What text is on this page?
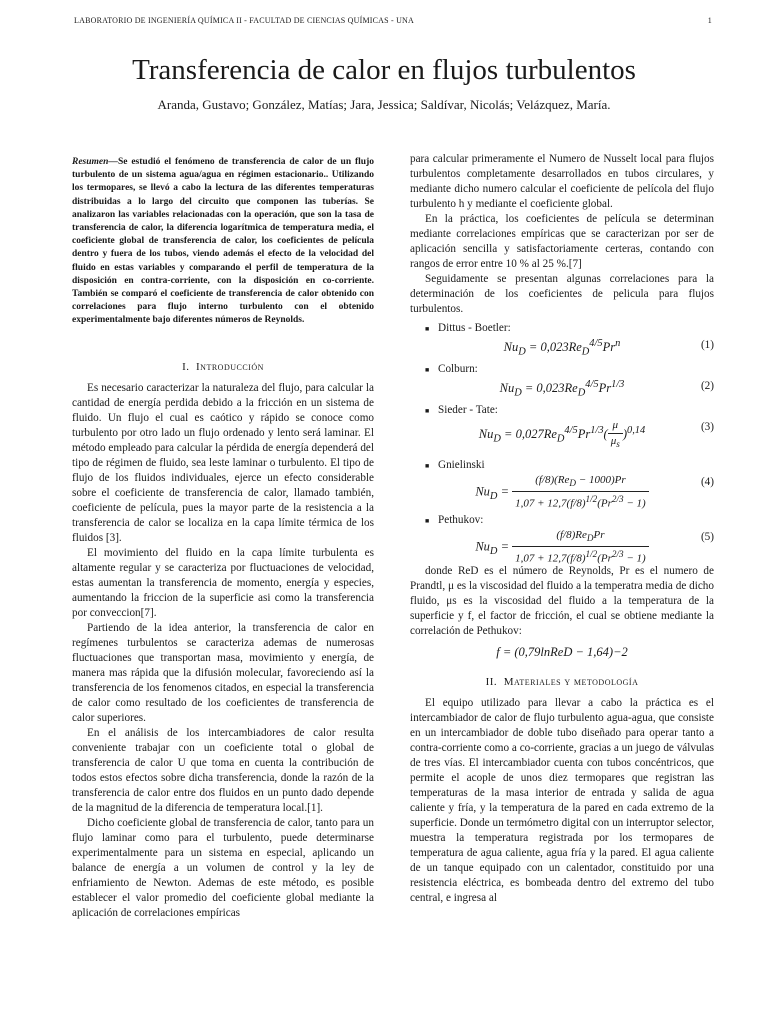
LABORATORIO DE INGENIERÍA QUÍMICA II - FACULTAD DE CIENCIAS QUÍMICAS - UNA	1
Transferencia de calor en flujos turbulentos
Aranda, Gustavo; González, Matías; Jara, Jessica; Saldívar, Nicolás; Velázquez, María.
Resumen—Se estudió el fenómeno de transferencia de calor de un flujo turbulento de un sistema agua/agua en régimen estacionario.. Utilizando los termopares, se llevó a cabo la lectura de las diferentes temperaturas distribuidas a lo largo del circuito que componen las tuberías. Se analizaron las variables relacionadas con la operación, que son la tasa de transferencia de calor, la diferencia logarítmica de temperatura media, el coeficiente global de transferencia de calor, los coeficientes de película dentro y fuera de los tubos, viendo además el efecto de la velocidad del fluido en estas variables y comparando el perfil de temperatura de la disposición en contra-corriente, con la disposición en co-corriente. También se comparó el coeficiente de transferencia de calor obtenido con correlaciones para flujo interno turbulento con el obtenido experimentalmente bajo diferentes números de Reynolds.
I. Introducción

Es necesario caracterizar la naturaleza del flujo, para calcular la cantidad de energía perdida debido a la fricción en un sistema de fluido. Un flujo el cual es caótico y rápido se conoce como turbulento por otro lado un flujo ordenado y lento será laminar. El método empleado para calcular la pérdida de energía dependerá del tipo de régimen de fluido, sea leste laminar o turbulento. El tipo de flujo de los fluidos individuales, ejerce un efecto considerable sobre el coeficiente de transferencia de calor, llamado también, coeficiente de película, pues la mayor parte de la resistencia a la transferencia de calor se localiza en la capa límite térmica de los fluidos [3].

El movimiento del fluido en la capa límite turbulenta es altamente regular y se caracteriza por fluctuaciones de velocidad, estas aumentan la transferencia de momento, energía y especies, aumentando la friccion de la superficie asi como la transferencia por conveccion[7].

Partiendo de la idea anterior, la transferencia de calor en regímenes turbulentos se caracteriza ademas de numerosas fluctuaciones que transportan masa, movimiento y energía, de manera mas rápida que la difusión molecular, favoreciendo así la transferencia de los fenomenos citados, en especial la transferencia de calor como resultado de los coeficientes de transferencia de calor superiores.

En el análisis de los intercambiadores de calor resulta conveniente trabajar con un coeficiente total o global de transferencia de calor U que toma en cuenta la contribución de todos estos efectos sobre dicha transferencia, donde la razón de la transferencia de calor entre dos fluidos en un punto dado depende de la magnitud de la diferencia de temperatura local.[1].

Dicho coeficiente global de transferencia de calor, tanto para un flujo laminar como para el turbulento, puede determinarse experimentalmente para un sistema en especial, aplicando un balance de energía a un volumen de control y la ley de enfriamiento de Newton. Ademas de este método, es posible establecer el valor promedio del coeficiente global mediante la aplicación de correlaciones empíricas

para calcular primeramente el Numero de Nusselt local para flujos turbulentos completamente desarrollados en tubos circulares, y mediante dicho numero calcular el coeficiente de pelícola del flujo turbulento h y mediante el coeficiente global.

En la práctica, los coeficientes de película se determinan mediante correlaciones empíricas que se caracterizan por ser de aplicación sencilla y satisfactoriamente certeras, contando con rangos de error entre 10 % al 25 %.[7]

Seguidamente se presentan algunas correlaciones para la determinación de los coeficientes de pelicula para flujos turbulentos.

■ Dittus - Boetler:
$Nu_D = 0,023Re_D^{4/5}Pr^n$	(1)
■ Colburn:
$Nu_D = 0,023Re_D^{4/5}Pr^{1/3}$	(2)
■ Sieder - Tate:
$Nu_D = 0,027Re_D^{4/5}Pr^{1/3}( \frac{\mu}{\mu_s} )^{0,14}$	(3)
■ Gnielinski
$Nu_D = \frac{(f/8)(Re_D - 1000)Pr}{1,07 + 12,7(f/8)^{1/2}(Pr^{2/3} - 1)}$	(4)
■ Pethukov:
$Nu_D = \frac{(f/8)Re_DPr}{1,07 + 12,7(f/8)^{1/2}(Pr^{2/3} - 1)}$	(5)

donde ReD es el número de Reynolds, Pr es el numero de Prandtl, μ es la viscosidad del fluido a la temperatra media de dicho fluido, μs es la viscosidad del fluido a la temperatura de la superficie y f, el factor de fricción, el cual se obtiene mediante la correlación de Pethukov:

f = (0,79lnReD − 1,64)−2
II. Materiales y metodología

El equipo utilizado para llevar a cabo la práctica es el intercambiador de calor de flujo turbulento agua-agua, que consiste en un intercambiador de doble tubo diseñado para operar tanto a contra-corriente como a co-corriente, gracias a un juego de válvulas de tres vías. El intercambiador cuenta con tubos concéntricos, que permite el acople de unos diez termopares que registran las temperaturas de la masa interior de entrada y salida de agua caliente y fría, y la temperatura de la pared en cada extremo de la superficie. Donde un termómetro digital con un interruptor selector, muestra la temperatura registrada por los termopares de temperatura de agua caliente, agua fría y la pared. El agua caliente de un tanque equipado con un calentador, constituido por una resistencia eléctrica, es bombeada dentro del extremo del tubo central, e ingresa al
